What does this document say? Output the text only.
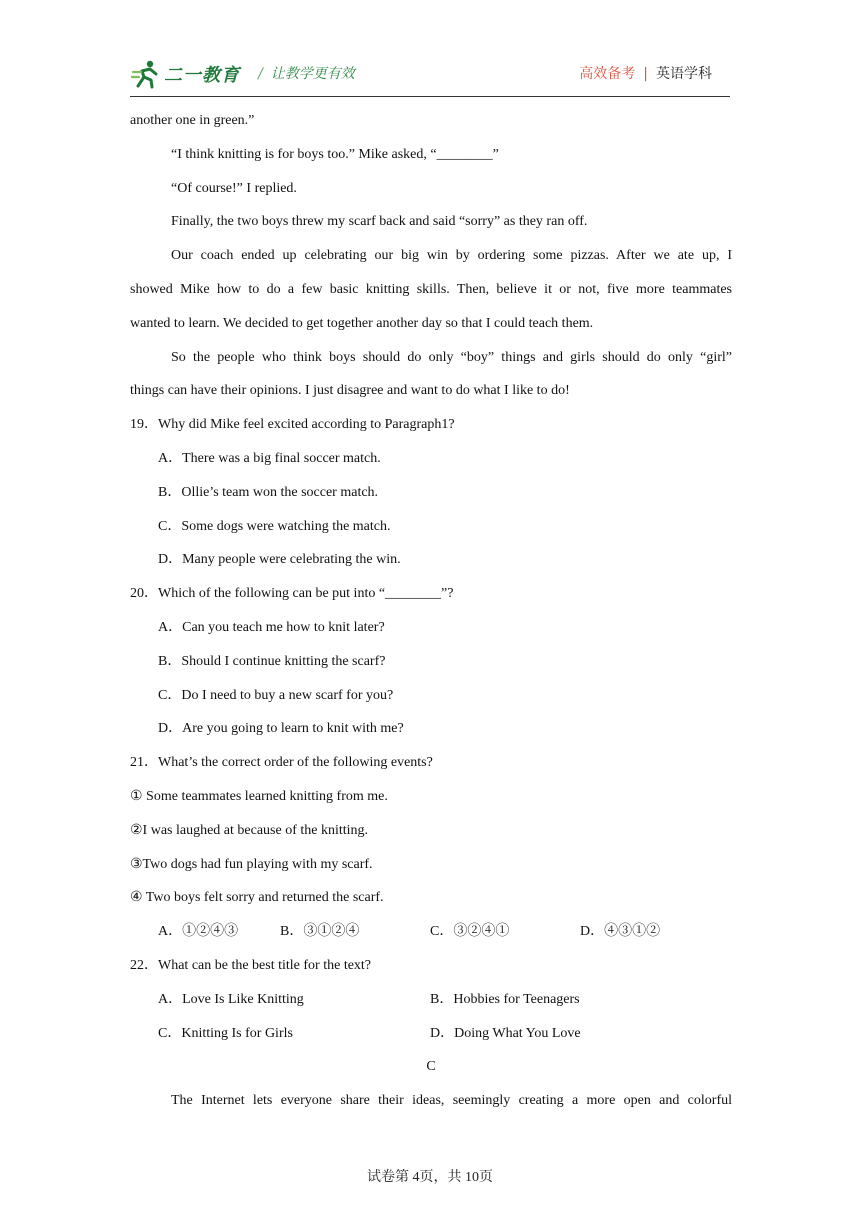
二一教育 / 让教学更有效	高效备考 | 英语学科
another one in green.”
“I think knitting is for boys too.” Mike asked, “________”
“Of course!” I replied.
Finally, the two boys threw my scarf back and said “sorry” as they ran off.
Our coach ended up celebrating our big win by ordering some pizzas. After we ate up, I
showed Mike how to do a few basic knitting skills. Then, believe it or not, five more teammates
wanted to learn. We decided to get together another day so that I could teach them.
So the people who think boys should do only “boy” things and girls should do only “girl”
things can have their opinions. I just disagree and want to do what I like to do!
19．Why did Mike feel excited according to Paragraph1?
A．There was a big final soccer match.
B．Ollie’s team won the soccer match.
C．Some dogs were watching the match.
D．Many people were celebrating the win.
20．Which of the following can be put into “________”?
A．Can you teach me how to knit later?
B．Should I continue knitting the scarf?
C．Do I need to buy a new scarf for you?
D．Are you going to learn to knit with me?
21．What’s the correct order of the following events?
① Some teammates learned knitting from me.
②I was laughed at because of the knitting.
③Two dogs had fun playing with my scarf.
④ Two boys felt sorry and returned the scarf.
A．①②④③	B．③①②④	C．③②④①	D．④③①②
22．What can be the best title for the text?
A．Love Is Like Knitting	B．Hobbies for Teenagers
C．Knitting Is for Girls	D．Doing What You Love
C
The Internet lets everyone share their ideas, seemingly creating a more open and colorful
试卷第 4页，共 10页
